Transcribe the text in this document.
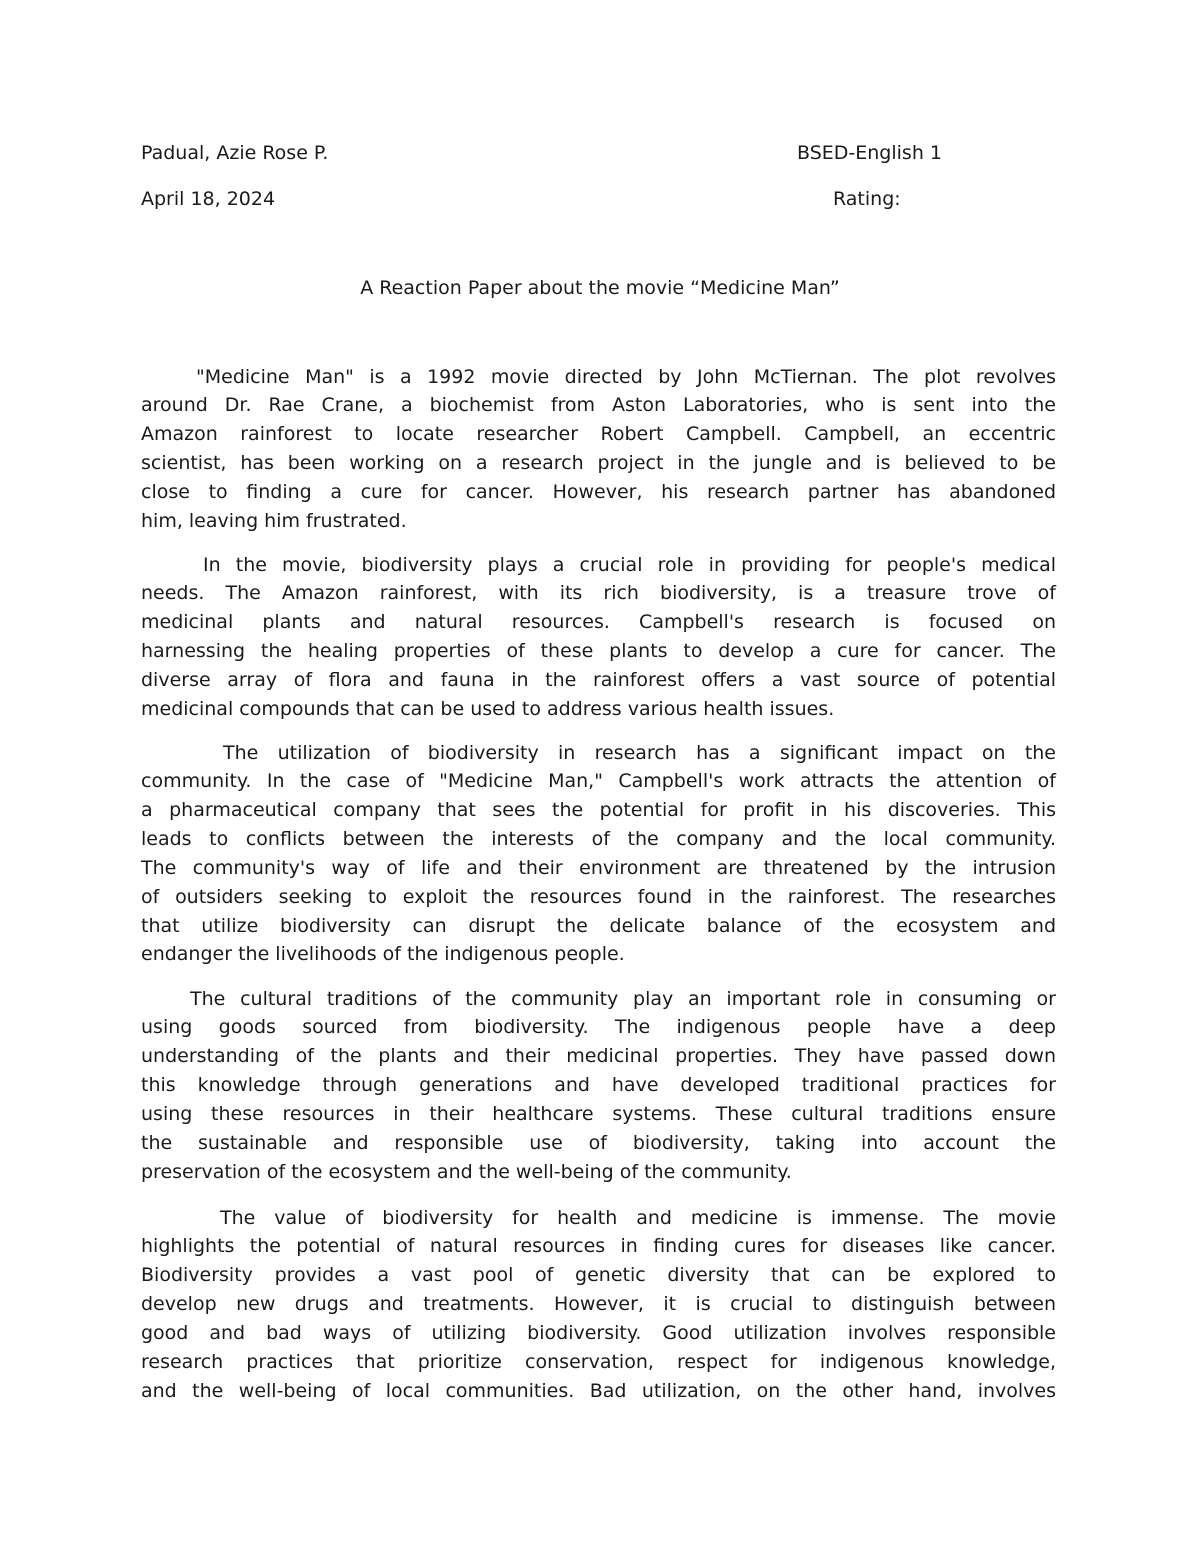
Padual, Azie Rose P.	BSED-English 1
April 18, 2024	Rating:
A Reaction Paper about the movie “Medicine Man”
"Medicine Man" is a 1992 movie directed by John McTiernan. The plot revolves
around Dr. Rae Crane, a biochemist from Aston Laboratories, who is sent into the
Amazon rainforest to locate researcher Robert Campbell. Campbell, an eccentric
scientist, has been working on a research project in the jungle and is believed to be
close to finding a cure for cancer. However, his research partner has abandoned
him, leaving him frustrated.
In the movie, biodiversity plays a crucial role in providing for people's medical
needs. The Amazon rainforest, with its rich biodiversity, is a treasure trove of
medicinal plants and natural resources. Campbell's research is focused on
harnessing the healing properties of these plants to develop a cure for cancer. The
diverse array of flora and fauna in the rainforest offers a vast source of potential
medicinal compounds that can be used to address various health issues.
The utilization of biodiversity in research has a significant impact on the
community. In the case of "Medicine Man," Campbell's work attracts the attention of
a pharmaceutical company that sees the potential for profit in his discoveries. This
leads to conflicts between the interests of the company and the local community.
The community's way of life and their environment are threatened by the intrusion
of outsiders seeking to exploit the resources found in the rainforest. The researches
that utilize biodiversity can disrupt the delicate balance of the ecosystem and
endanger the livelihoods of the indigenous people.
The cultural traditions of the community play an important role in consuming or
using goods sourced from biodiversity. The indigenous people have a deep
understanding of the plants and their medicinal properties. They have passed down
this knowledge through generations and have developed traditional practices for
using these resources in their healthcare systems. These cultural traditions ensure
the sustainable and responsible use of biodiversity, taking into account the
preservation of the ecosystem and the well-being of the community.
The value of biodiversity for health and medicine is immense. The movie
highlights the potential of natural resources in finding cures for diseases like cancer.
Biodiversity provides a vast pool of genetic diversity that can be explored to
develop new drugs and treatments. However, it is crucial to distinguish between
good and bad ways of utilizing biodiversity. Good utilization involves responsible
research practices that prioritize conservation, respect for indigenous knowledge,
and the well-being of local communities. Bad utilization, on the other hand, involves
